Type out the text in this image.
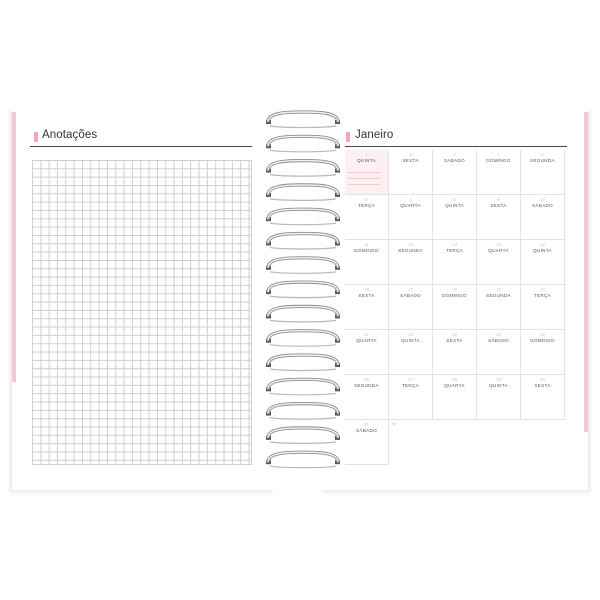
Anotações	Janeiro
1
QUINTA
2
SEXTA
3
SÁBADO
4
DOMINGO
5
SEGUNDA
6
TERÇA
7
QUARTA
8
QUINTA
9
SEXTA
10
SÁBADO
11
DOMINGO
12
SEGUNDA
13
TERÇA
14
QUARTA
15
QUINTA
16
SEXTA
17
SÁBADO
18
DOMINGO
19
SEGUNDA
20
TERÇA
21
QUARTA
22
QUINTA
23
SEXTA
24
SÁBADO
25
DOMINGO
26
SEGUNDA
27
TERÇA
28
QUARTA
29
QUINTA
30
SEXTA
31
SÁBADO
✕
